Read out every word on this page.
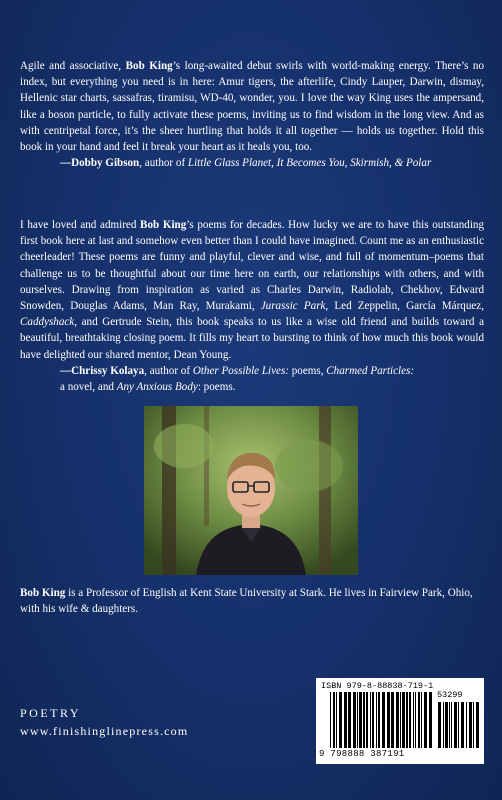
Agile and associative, Bob King’s long-awaited debut swirls with world-making energy. There’s no index, but everything you need is in here: Amur tigers, the afterlife, Cindy Lauper, Darwin, dismay, Hellenic star charts, sassafras, tiramisu, WD-40, wonder, you. I love the way King uses the ampersand, like a boson particle, to fully activate these poems, inviting us to find wisdom in the long view. And as with centripetal force, it’s the sheer hurtling that holds it all together — holds us together. Hold this book in your hand and feel it break your heart as it heals you, too.

—Dobby Gibson, author of Little Glass Planet, It Becomes You, Skirmish, & Polar

I have loved and admired Bob King’s poems for decades. How lucky we are to have this outstanding first book here at last and somehow even better than I could have imagined. Count me as an enthusiastic cheerleader! These poems are funny and playful, clever and wise, and full of momentum–poems that challenge us to be thoughtful about our time here on earth, our relationships with others, and with ourselves. Drawing from inspiration as varied as Charles Darwin, Radiolab, Chekhov, Edward Snowden, Douglas Adams, Man Ray, Murakami, Jurassic Park, Led Zeppelin, García Márquez, Caddyshack, and Gertrude Stein, this book speaks to us like a wise old friend and builds toward a beautiful, breathtaking closing poem. It fills my heart to bursting to think of how much this book would have delighted our shared mentor, Dean Young.

—Chrissy Kolaya, author of Other Possible Lives: poems, Charmed Particles:

a novel, and Any Anxious Body: poems.

Bob King is a Professor of English at Kent State University at Stark. He lives in Fairview Park, Ohio, with his wife & daughters.

POETRY
www.finishinglinepress.com
ISBN 979-8-88838-719-1
53299
9 798888 387191
